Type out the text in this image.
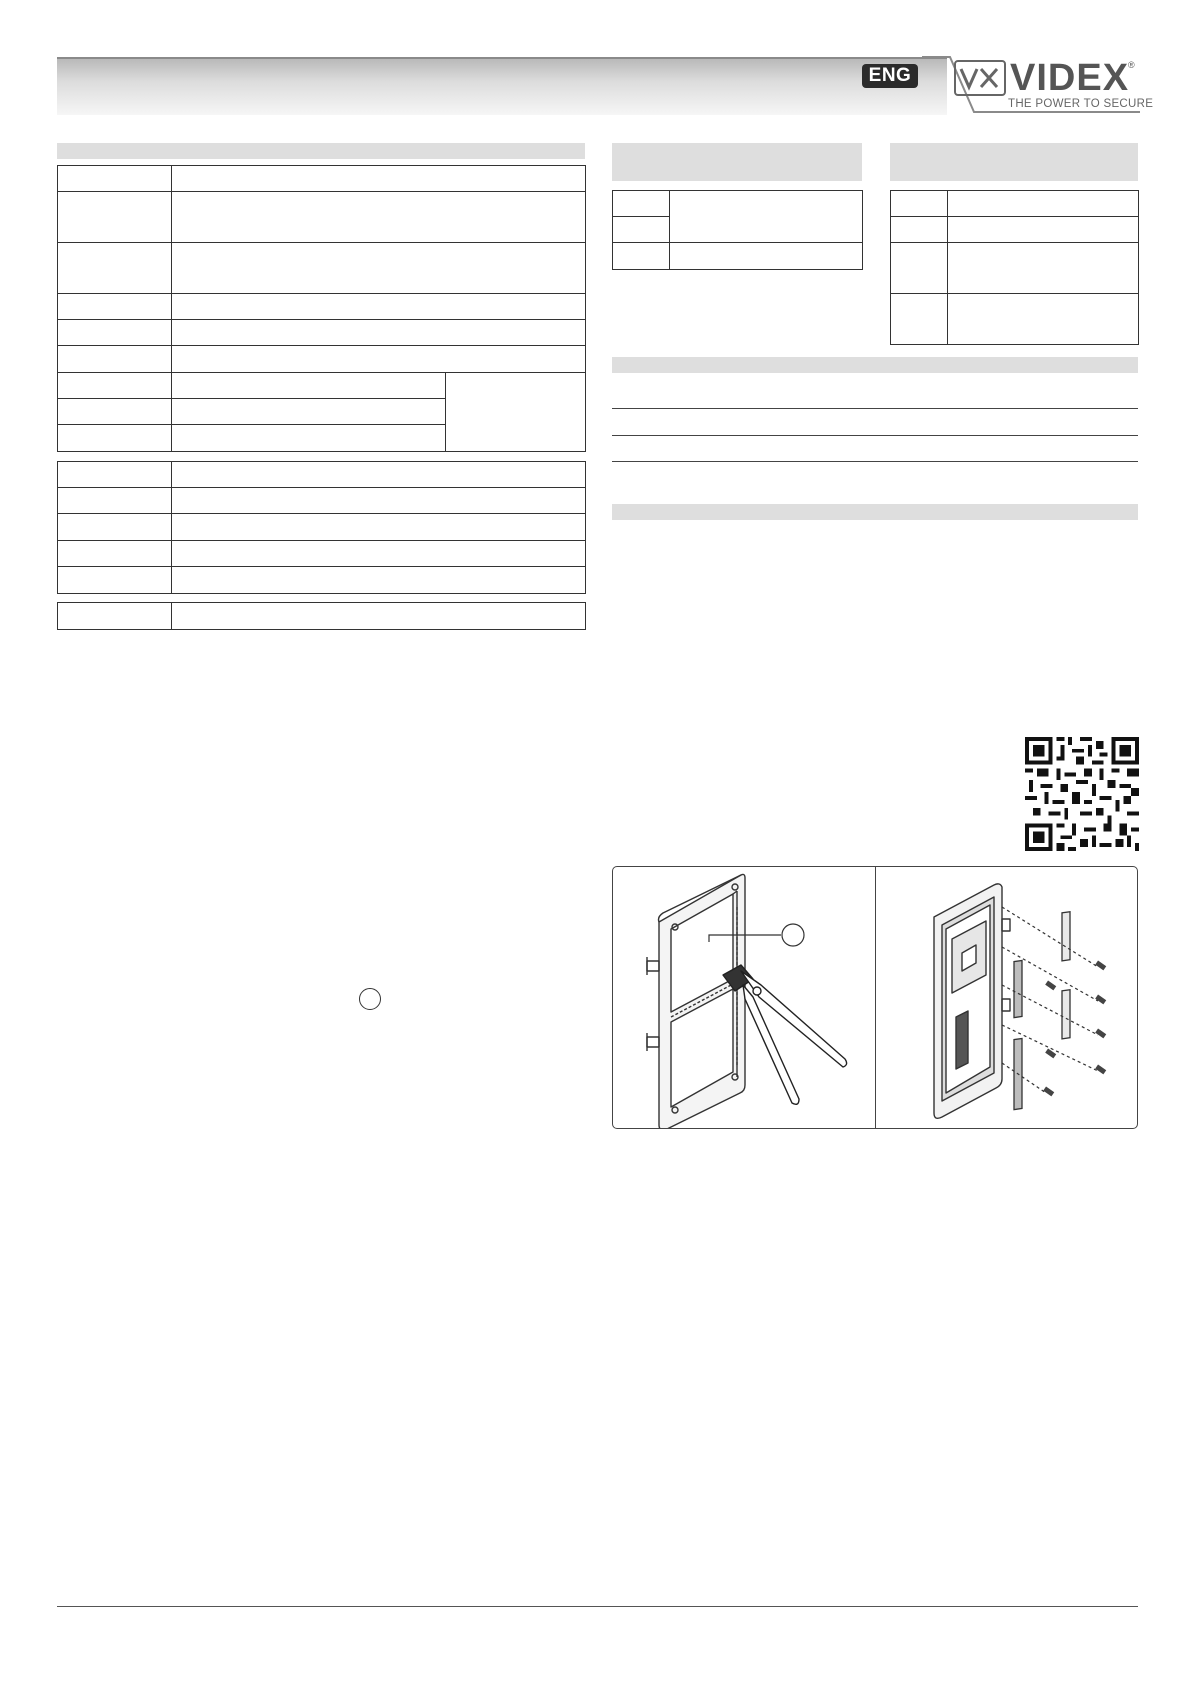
ENG	VIDEX
®
THE POWER TO SECURE
